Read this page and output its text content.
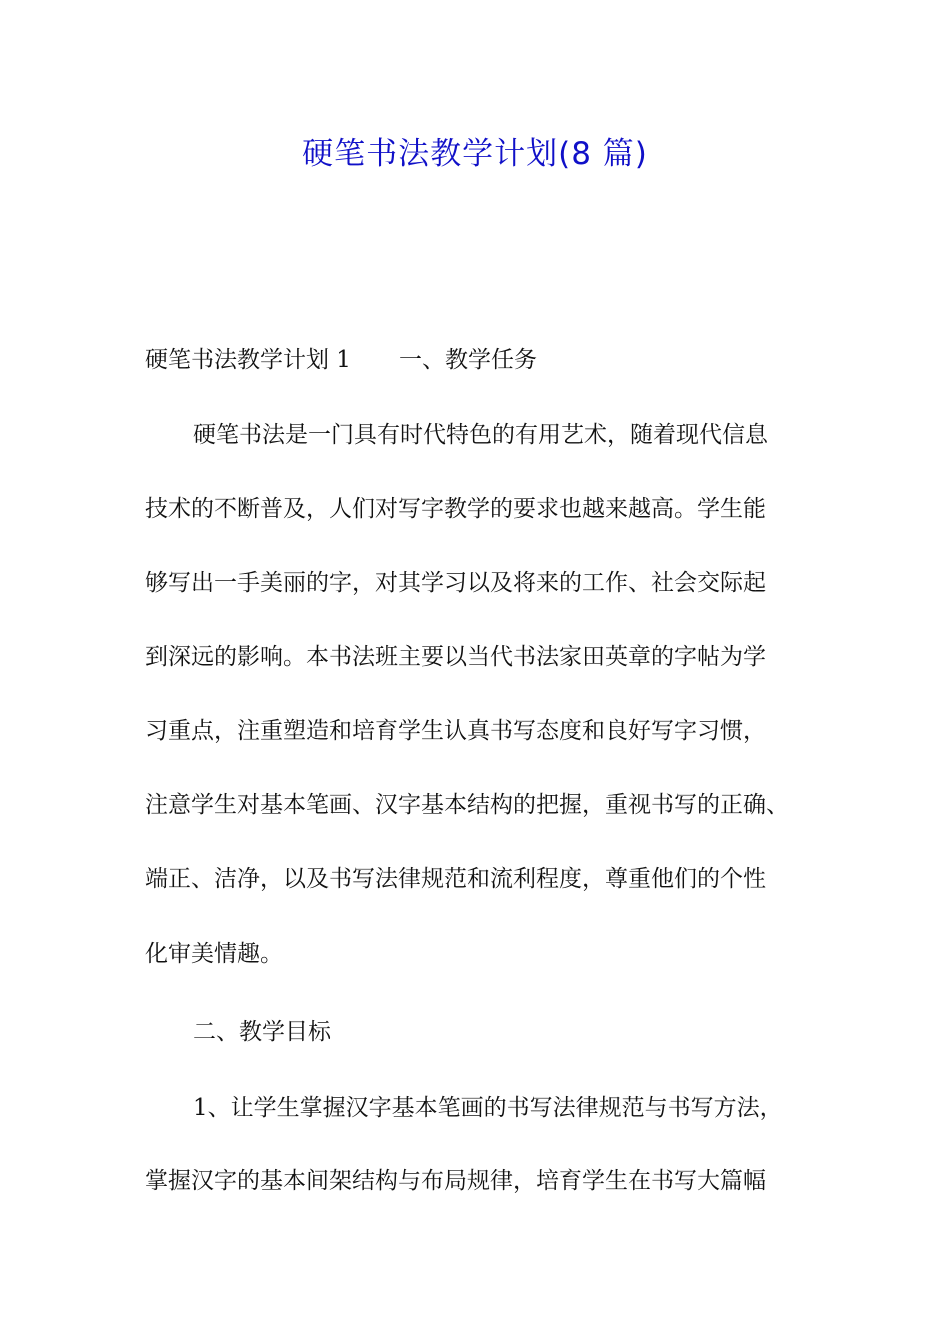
硬笔书法教学计划(8 篇)
硬笔书法教学计划 1 一、教学任务
硬笔书法是一门具有时代特色的有用艺术，随着现代信息
技术的不断普及，人们对写字教学的要求也越来越高。学生能
够写出一手美丽的字，对其学习以及将来的工作、社会交际起
到深远的影响。本书法班主要以当代书法家田英章的字帖为学
习重点，注重塑造和培育学生认真书写态度和良好写字习惯，
注意学生对基本笔画、汉字基本结构的把握，重视书写的正确、
端正、洁净，以及书写法律规范和流利程度，尊重他们的个性
化审美情趣。
二、教学目标
1、让学生掌握汉字基本笔画的书写法律规范与书写方法，
掌握汉字的基本间架结构与布局规律，培育学生在书写大篇幅
